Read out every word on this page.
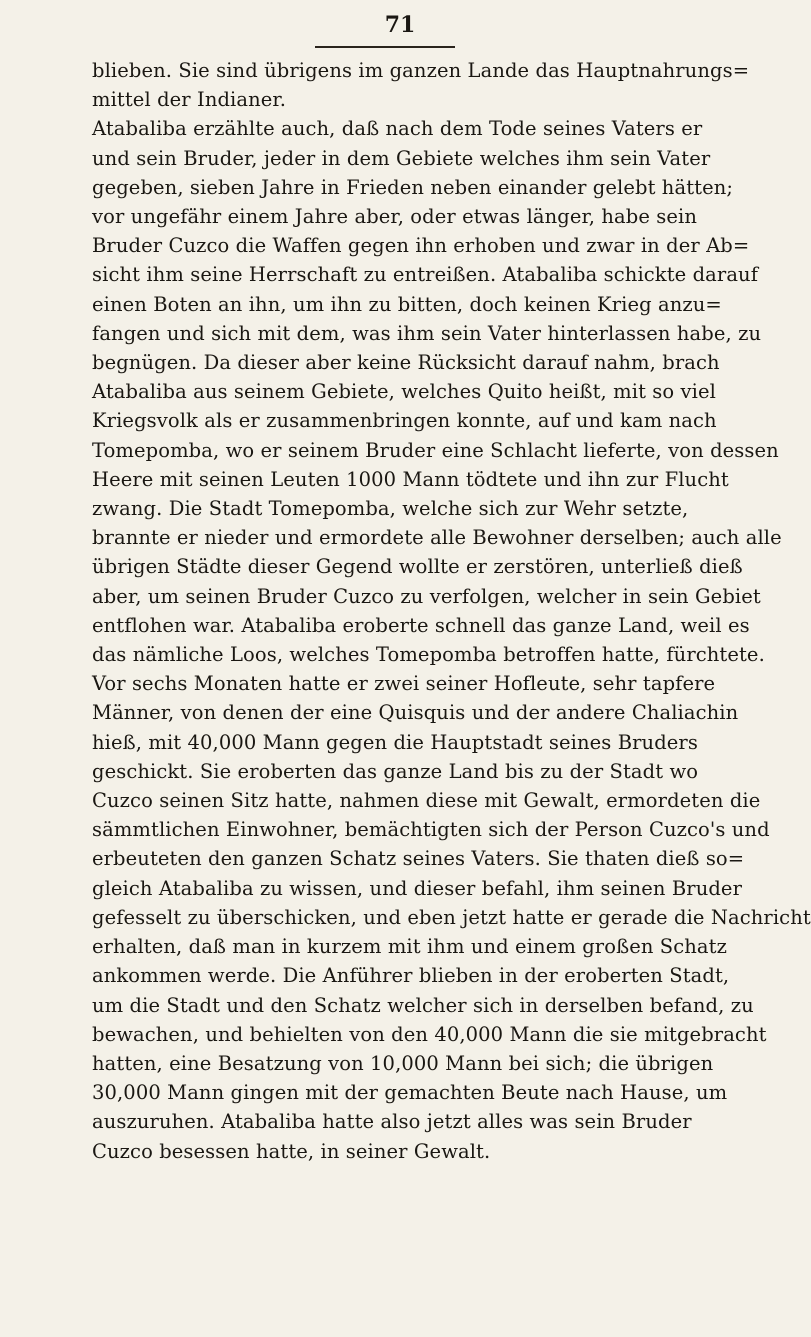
71
blieben. Sie sind übrigens im ganzen Lande das Hauptnahrungs=
mittel der Indianer.
Atabaliba erzählte auch, daß nach dem Tode seines Vaters er
und sein Bruder, jeder in dem Gebiete welches ihm sein Vater
gegeben, sieben Jahre in Frieden neben einander gelebt hätten;
vor ungefähr einem Jahre aber, oder etwas länger, habe sein
Bruder Cuzco die Waffen gegen ihn erhoben und zwar in der Ab=
sicht ihm seine Herrschaft zu entreißen. Atabaliba schickte darauf
einen Boten an ihn, um ihn zu bitten, doch keinen Krieg anzu=
fangen und sich mit dem, was ihm sein Vater hinterlassen habe, zu
begnügen. Da dieser aber keine Rücksicht darauf nahm, brach
Atabaliba aus seinem Gebiete, welches Quito heißt, mit so viel
Kriegsvolk als er zusammenbringen konnte, auf und kam nach
Tomepomba, wo er seinem Bruder eine Schlacht lieferte, von dessen
Heere mit seinen Leuten 1000 Mann tödtete und ihn zur Flucht
zwang. Die Stadt Tomepomba, welche sich zur Wehr setzte,
brannte er nieder und ermordete alle Bewohner derselben; auch alle
übrigen Städte dieser Gegend wollte er zerstören, unterließ dieß
aber, um seinen Bruder Cuzco zu verfolgen, welcher in sein Gebiet
entflohen war. Atabaliba eroberte schnell das ganze Land, weil es
das nämliche Loos, welches Tomepomba betroffen hatte, fürchtete.
Vor sechs Monaten hatte er zwei seiner Hofleute, sehr tapfere
Männer, von denen der eine Quisquis und der andere Chaliachin
hieß, mit 40,000 Mann gegen die Hauptstadt seines Bruders
geschickt. Sie eroberten das ganze Land bis zu der Stadt wo
Cuzco seinen Sitz hatte, nahmen diese mit Gewalt, ermordeten die
sämmtlichen Einwohner, bemächtigten sich der Person Cuzco's und
erbeuteten den ganzen Schatz seines Vaters. Sie thaten dieß so=
gleich Atabaliba zu wissen, und dieser befahl, ihm seinen Bruder
gefesselt zu überschicken, und eben jetzt hatte er gerade die Nachricht
erhalten, daß man in kurzem mit ihm und einem großen Schatz
ankommen werde. Die Anführer blieben in der eroberten Stadt,
um die Stadt und den Schatz welcher sich in derselben befand, zu
bewachen, und behielten von den 40,000 Mann die sie mitgebracht
hatten, eine Besatzung von 10,000 Mann bei sich; die übrigen
30,000 Mann gingen mit der gemachten Beute nach Hause, um
auszuruhen. Atabaliba hatte also jetzt alles was sein Bruder
Cuzco besessen hatte, in seiner Gewalt.
